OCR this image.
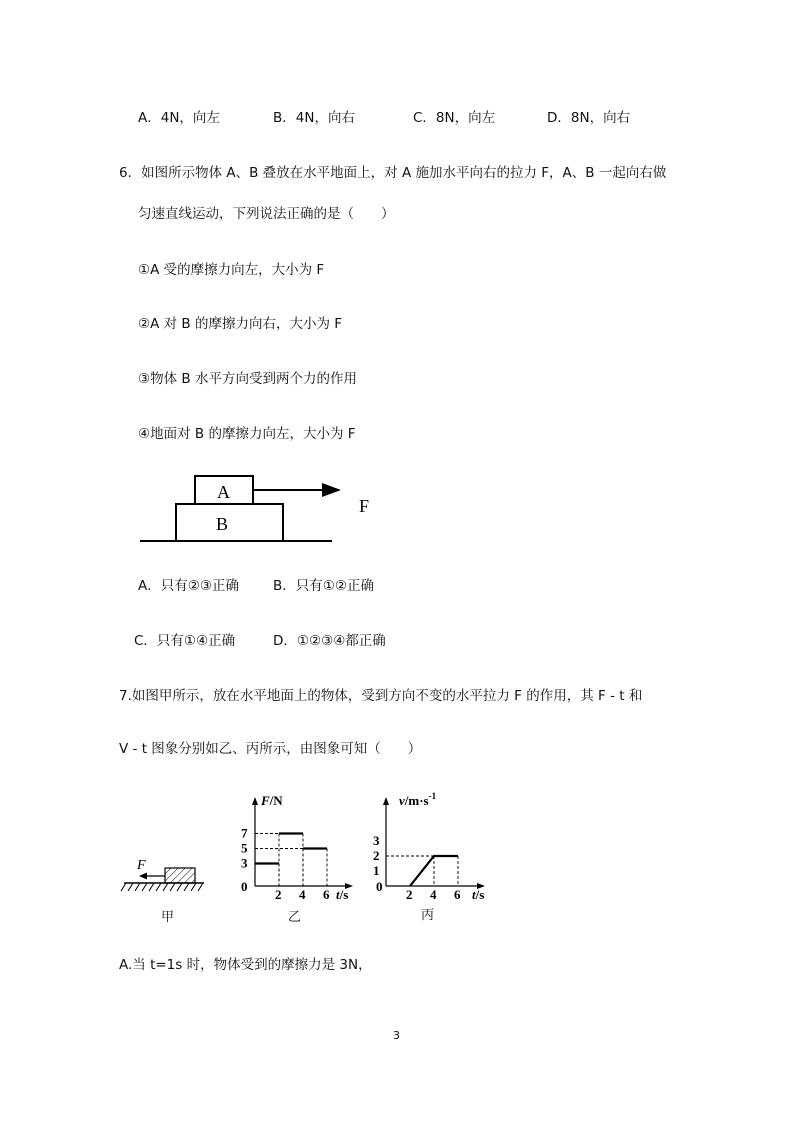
A．4N，向左	B．4N，向右	C．8N，向左	D．8N，向右
6．如图所示物体 A、B 叠放在水平地面上，对 A 施加水平向右的拉力 F，A、B 一起向右做
匀速直线运动，下列说法正确的是（　　）
①A 受的摩擦力向左，大小为 F
②A 对 B 的摩擦力向右，大小为 F
③物体 B 水平方向受到两个力的作用
④地面对 B 的摩擦力向左，大小为 F
A
B
F
A．只有②③正确	B．只有①②正确
C．只有①④正确	D．①②③④都正确
7.如图甲所示，放在水平地面上的物体，受到方向不变的水平拉力 F 的作用，其 F - t 和
V - t 图象分别如乙、丙所示，由图象可知（　　）
F
甲
3
5
7
2 4 6
F/N
t/s
0
乙
1
2
3
2 4 6
$v/m\cdot s^{-1}$
t/s
0
丙
A.当 t=1s 时，物体受到的摩擦力是 3N，
3
